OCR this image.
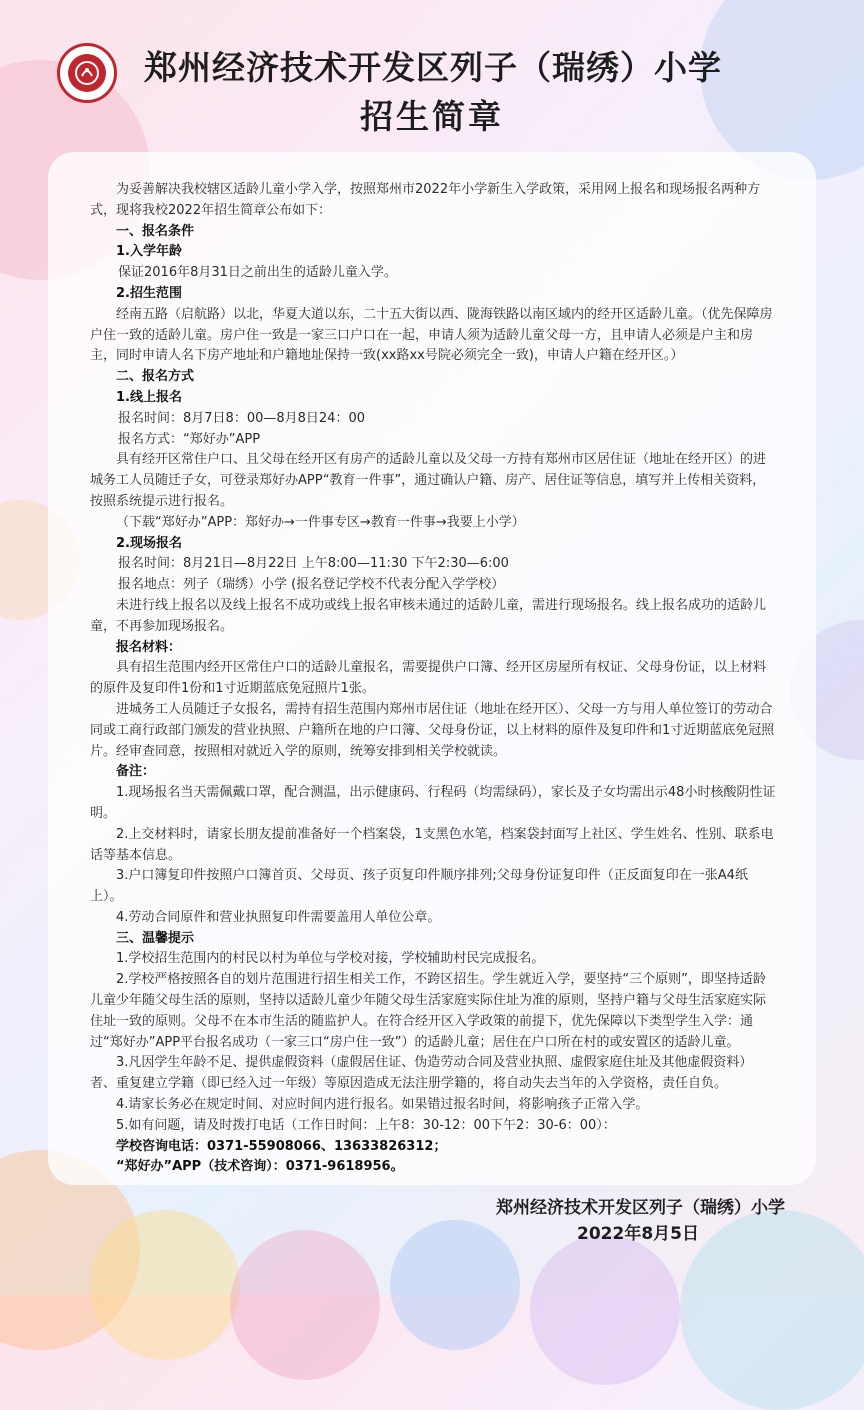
郑州经济技术开发区列子（瑞绣）小学
招生简章

为妥善解决我校辖区适龄儿童小学入学，按照郑州市2022年小学新生入学政策，采用网上报名和现场报名两种方式，现将我校2022年招生简章公布如下：

一、报名条件

1.入学年龄

保证2016年8月31日之前出生的适龄儿童入学。

2.招生范围

经南五路（启航路）以北，华夏大道以东，二十五大街以西、陇海铁路以南区域内的经开区适龄儿童。（优先保障房户住一致的适龄儿童。房户住一致是一家三口户口在一起，申请人须为适龄儿童父母一方，且申请人必须是户主和房主，同时申请人名下房产地址和户籍地址保持一致(xx路xx号院必须完全一致)，申请人户籍在经开区。）

二、报名方式

1.线上报名

报名时间：8月7日8：00—8月8日24：00

报名方式：“郑好办”APP

具有经开区常住户口、且父母在经开区有房产的适龄儿童以及父母一方持有郑州市区居住证（地址在经开区）的进城务工人员随迁子女，可登录郑好办APP“教育一件事”，通过确认户籍、房产、居住证等信息，填写并上传相关资料，按照系统提示进行报名。

（下载“郑好办”APP：郑好办→一件事专区→教育一件事→我要上小学）

2.现场报名

报名时间：8月21日—8月22日 上午8:00—11:30 下午2:30—6:00

报名地点：列子（瑞绣）小学 (报名登记学校不代表分配入学学校）

未进行线上报名以及线上报名不成功或线上报名审核未通过的适龄儿童，需进行现场报名。线上报名成功的适龄儿童，不再参加现场报名。

报名材料：

具有招生范围内经开区常住户口的适龄儿童报名，需要提供户口簿、经开区房屋所有权证、父母身份证，以上材料的原件及复印件1份和1寸近期蓝底免冠照片1张。

进城务工人员随迁子女报名，需持有招生范围内郑州市居住证（地址在经开区）、父母一方与用人单位签订的劳动合同或工商行政部门颁发的营业执照、户籍所在地的户口簿、父母身份证，以上材料的原件及复印件和1寸近期蓝底免冠照片。经审查同意，按照相对就近入学的原则，统筹安排到相关学校就读。

备注：

1.现场报名当天需佩戴口罩，配合测温，出示健康码、行程码（均需绿码），家长及子女均需出示48小时核酸阴性证明。

2.上交材料时，请家长朋友提前准备好一个档案袋，1支黑色水笔，档案袋封面写上社区、学生姓名、性别、联系电话等基本信息。

3.户口簿复印件按照户口簿首页、父母页、孩子页复印件顺序排列;父母身份证复印件（正反面复印在一张A4纸上）。

4.劳动合同原件和营业执照复印件需要盖用人单位公章。

三、温馨提示

1.学校招生范围内的村民以村为单位与学校对接，学校辅助村民完成报名。

2.学校严格按照各自的划片范围进行招生相关工作，不跨区招生。学生就近入学，要坚持“三个原则”，即坚持适龄儿童少年随父母生活的原则，坚持以适龄儿童少年随父母生活家庭实际住址为准的原则，坚持户籍与父母生活家庭实际住址一致的原则。父母不在本市生活的随监护人。在符合经开区入学政策的前提下，优先保障以下类型学生入学：通过“郑好办”APP平台报名成功（一家三口“房户住一致”）的适龄儿童；居住在户口所在村的或安置区的适龄儿童。

3.凡因学生年龄不足、提供虚假资料（虚假居住证、伪造劳动合同及营业执照、虚假家庭住址及其他虚假资料）者、重复建立学籍（即已经入过一年级）等原因造成无法注册学籍的，将自动失去当年的入学资格，责任自负。

4.请家长务必在规定时间、对应时间内进行报名。如果错过报名时间，将影响孩子正常入学。

5.如有问题，请及时拨打电话（工作日时间：上午8：30-12：00下午2：30-6：00）：

学校咨询电话：0371-55908066、13633826312；

“郑好办”APP（技术咨询）：0371-9618956。

郑州经济技术开发区列子（瑞绣）小学
2022年8月5日
